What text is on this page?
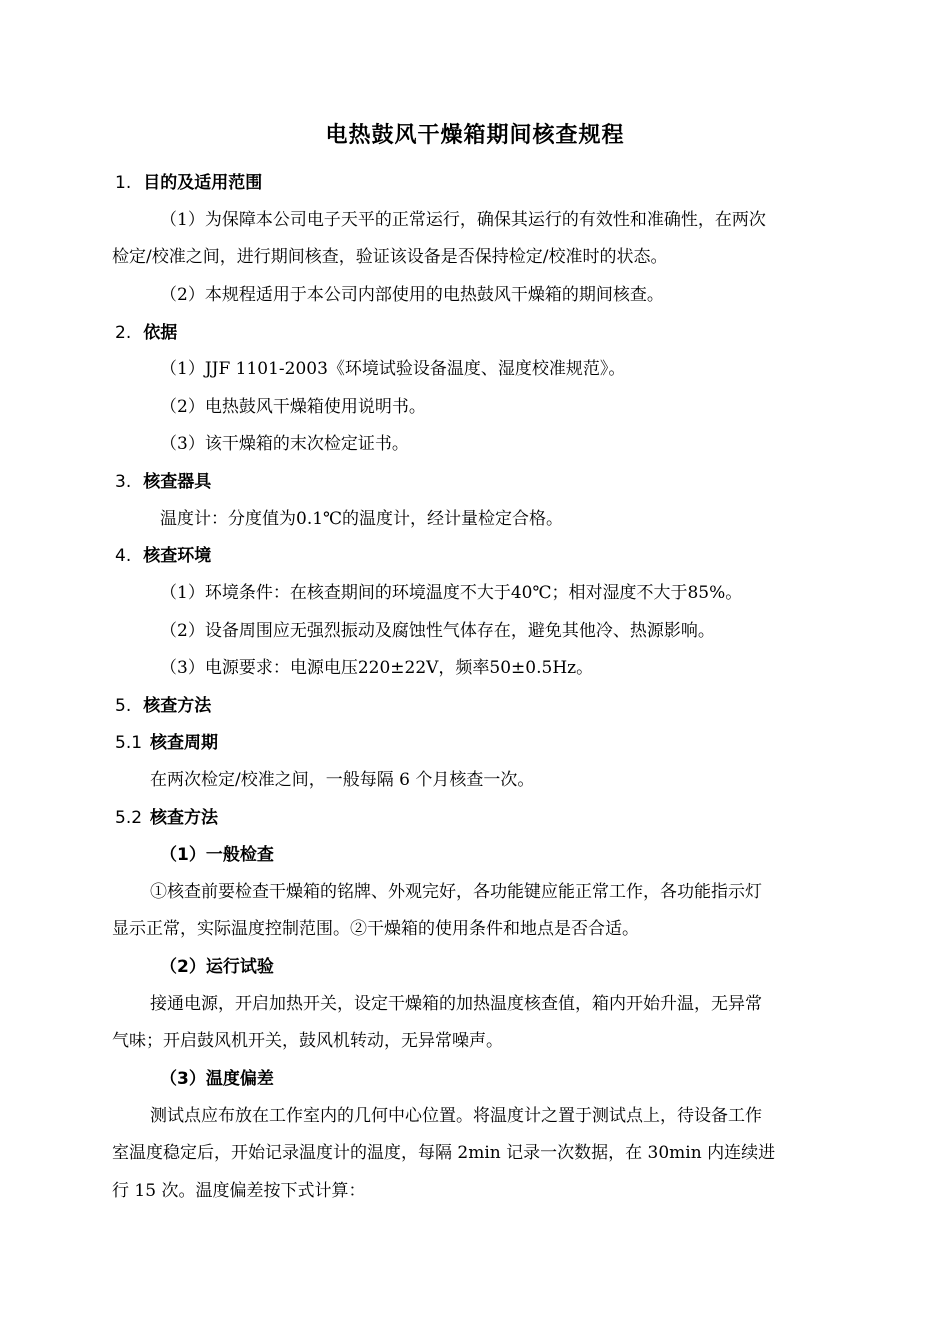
电热鼓风干燥箱期间核查规程
1. 目的及适用范围
（1）为保障本公司电子天平的正常运行，确保其运行的有效性和准确性，在两次
检定/校准之间，进行期间核查，验证该设备是否保持检定/校准时的状态。
（2）本规程适用于本公司内部使用的电热鼓风干燥箱的期间核查。
2. 依据
（1）JJF 1101-2003《环境试验设备温度、湿度校准规范》。
（2）电热鼓风干燥箱使用说明书。
（3）该干燥箱的末次检定证书。
3. 核查器具
温度计：分度值为0.1℃的温度计，经计量检定合格。
4. 核查环境
（1）环境条件：在核查期间的环境温度不大于40℃；相对湿度不大于85%。
（2）设备周围应无强烈振动及腐蚀性气体存在，避免其他冷、热源影响。
（3）电源要求：电源电压220±22V，频率50±0.5Hz。
5. 核查方法
5.1 核查周期
在两次检定/校准之间，一般每隔 6 个月核查一次。
5.2 核查方法
（1）一般检查
①核查前要检查干燥箱的铭牌、外观完好，各功能键应能正常工作，各功能指示灯
显示正常，实际温度控制范围。②干燥箱的使用条件和地点是否合适。
（2）运行试验
接通电源，开启加热开关，设定干燥箱的加热温度核查值，箱内开始升温，无异常
气味；开启鼓风机开关，鼓风机转动，无异常噪声。
（3）温度偏差
测试点应布放在工作室内的几何中心位置。将温度计之置于测试点上，待设备工作
室温度稳定后，开始记录温度计的温度，每隔 2min 记录一次数据，在 30min 内连续进
行 15 次。温度偏差按下式计算：
